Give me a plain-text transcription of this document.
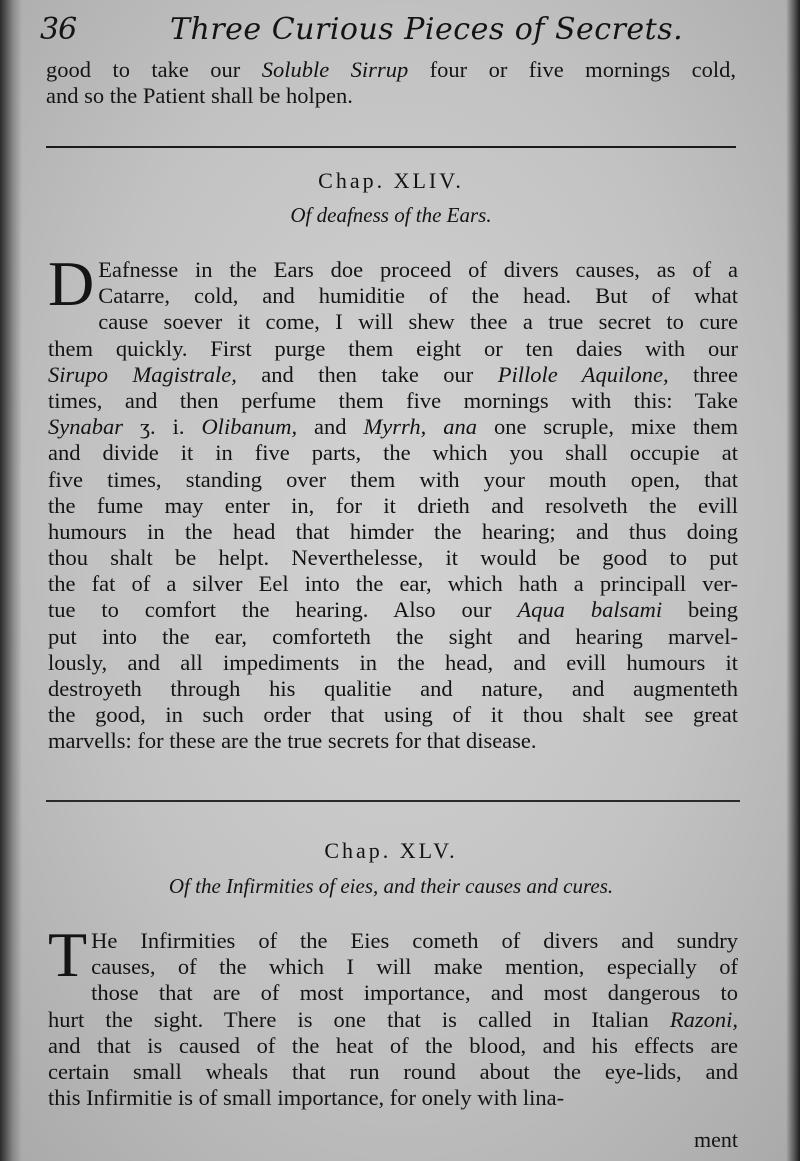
36	Three Curious Pieces of Secrets.
good to take our Soluble Sirrup four or five mornings cold,
and so the Patient shall be holpen.
Chap. XLIV.
Of deafness of the Ears.
D Eafnesse in the Ears doe proceed of divers causes, as of a
Catarre, cold, and humiditie of the head. But of what
cause soever it come, I will shew thee a true secret to cure
them quickly. First purge them eight or ten daies with our
Sirupo Magistrale, and then take our Pillole Aquilone, three
times, and then perfume them five mornings with this: Take
Synabar ʒ. i. Olibanum, and Myrrh, ana one scruple, mixe them
and divide it in five parts, the which you shall occupie at
five times, standing over them with your mouth open, that
the fume may enter in, for it drieth and resolveth the evill
humours in the head that himder the hearing; and thus doing
thou shalt be helpt. Neverthelesse, it would be good to put
the fat of a silver Eel into the ear, which hath a principall ver-
tue to comfort the hearing. Also our Aqua balsami being
put into the ear, comforteth the sight and hearing marvel-
lously, and all impediments in the head, and evill humours it
destroyeth through his qualitie and nature, and augmenteth
the good, in such order that using of it thou shalt see great
marvells: for these are the true secrets for that disease.
Chap. XLV.
Of the Infirmities of eies, and their causes and cures.
T He Infirmities of the Eies cometh of divers and sundry
causes, of the which I will make mention, especially of
those that are of most importance, and most dangerous to
hurt the sight. There is one that is called in Italian Razoni,
and that is caused of the heat of the blood, and his effects are
certain small wheals that run round about the eye-lids, and
this Infirmitie is of small importance, for onely with lina-
ment
